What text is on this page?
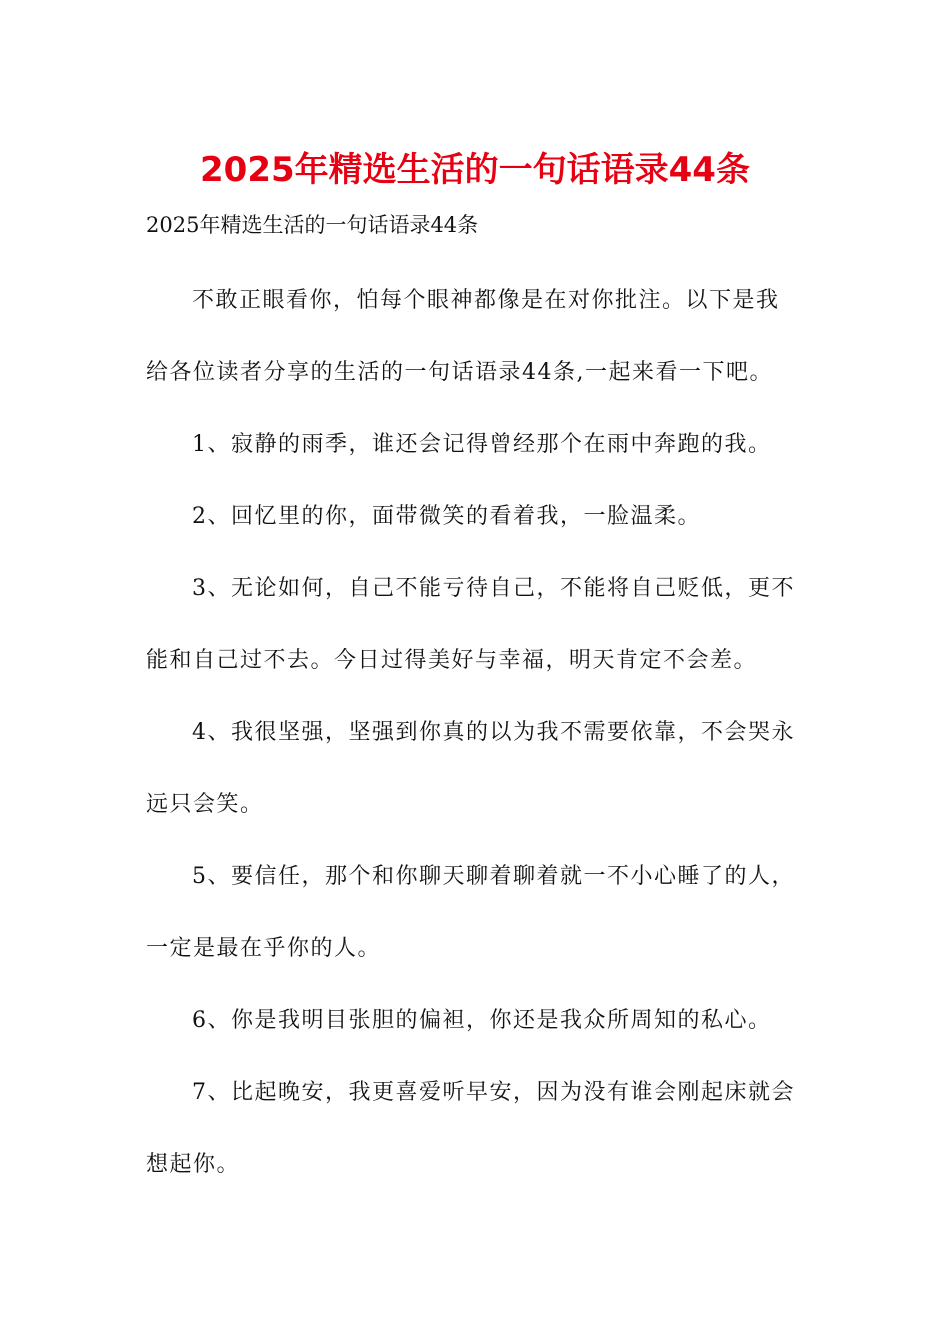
2025年精选生活的一句话语录44条
2025年精选生活的一句话语录44条
不敢正眼看你，怕每个眼神都像是在对你批注。以下是我
给各位读者分享的生活的一句话语录44条,一起来看一下吧。
1、寂静的雨季，谁还会记得曾经那个在雨中奔跑的我。
2、回忆里的你，面带微笑的看着我，一脸温柔。
3、无论如何，自己不能亏待自己，不能将自己贬低，更不
能和自己过不去。今日过得美好与幸福，明天肯定不会差。
4、我很坚强，坚强到你真的以为我不需要依靠，不会哭永
远只会笑。
5、要信任，那个和你聊天聊着聊着就一不小心睡了的人，
一定是最在乎你的人。
6、你是我明目张胆的偏袒，你还是我众所周知的私心。
7、比起晚安，我更喜爱听早安，因为没有谁会刚起床就会
想起你。
